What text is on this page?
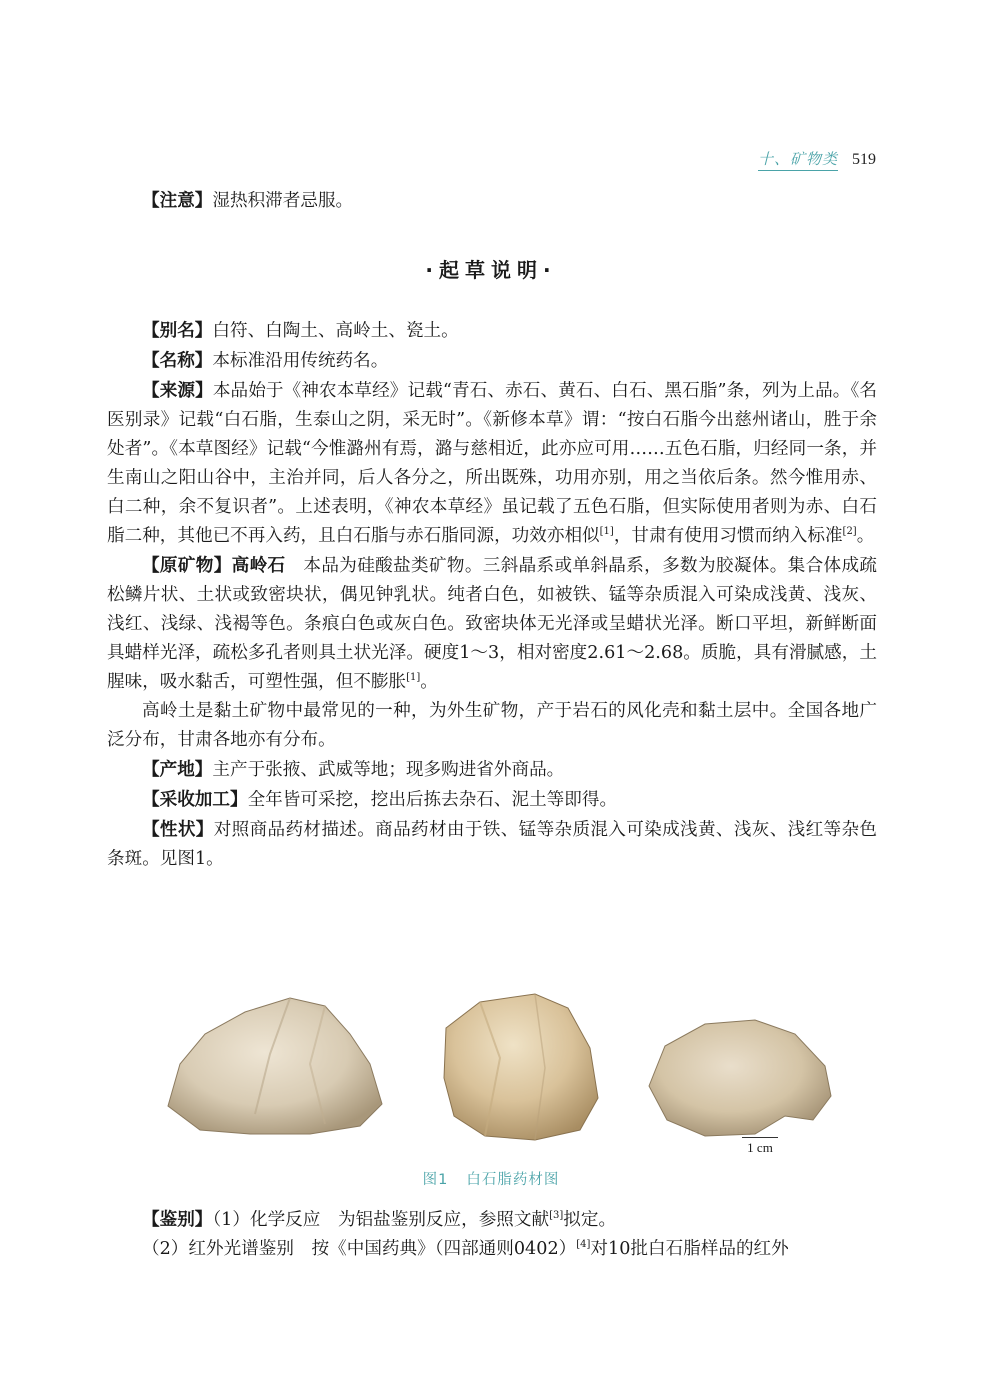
十、矿物类 519

【注意】湿热积滞者忌服。

·起草说明·

【别名】白符、白陶土、高岭土、瓷土。

【名称】本标准沿用传统药名。

【来源】本品始于《神农本草经》记载“青石、赤石、黄石、白石、黑石脂”条，列为上品。《名医别录》记载“白石脂，生泰山之阴，采无时”。《新修本草》谓：“按白石脂今出慈州诸山，胜于余处者”。《本草图经》记载“今惟潞州有焉，潞与慈相近，此亦应可用……五色石脂，归经同一条，并生南山之阳山谷中，主治并同，后人各分之，所出既殊，功用亦别，用之当依后条。然今惟用赤、白二种，余不复识者”。上述表明，《神农本草经》虽记载了五色石脂，但实际使用者则为赤、白石脂二种，其他已不再入药，且白石脂与赤石脂同源，功效亦相似[1]，甘肃有使用习惯而纳入标准[2]。

【原矿物】高岭石　本品为硅酸盐类矿物。三斜晶系或单斜晶系，多数为胶凝体。集合体成疏松鳞片状、土状或致密块状，偶见钟乳状。纯者白色，如被铁、锰等杂质混入可染成浅黄、浅灰、浅红、浅绿、浅褐等色。条痕白色或灰白色。致密块体无光泽或呈蜡状光泽。断口平坦，新鲜断面具蜡样光泽，疏松多孔者则具土状光泽。硬度1～3，相对密度2.61～2.68。质脆，具有滑腻感，土腥味，吸水黏舌，可塑性强，但不膨胀[1]。

高岭土是黏土矿物中最常见的一种，为外生矿物，产于岩石的风化壳和黏土层中。全国各地广泛分布，甘肃各地亦有分布。

【产地】主产于张掖、武威等地；现多购进省外商品。

【采收加工】全年皆可采挖，挖出后拣去杂石、泥土等即得。

【性状】对照商品药材描述。商品药材由于铁、锰等杂质混入可染成浅黄、浅灰、浅红等杂色条斑。见图1。

1 cm
图1 白石脂药材图

【鉴别】（1）化学反应　为铝盐鉴别反应，参照文献[3]拟定。

（2）红外光谱鉴别　按《中国药典》（四部通则0402）[4]对10批白石脂样品的红外
